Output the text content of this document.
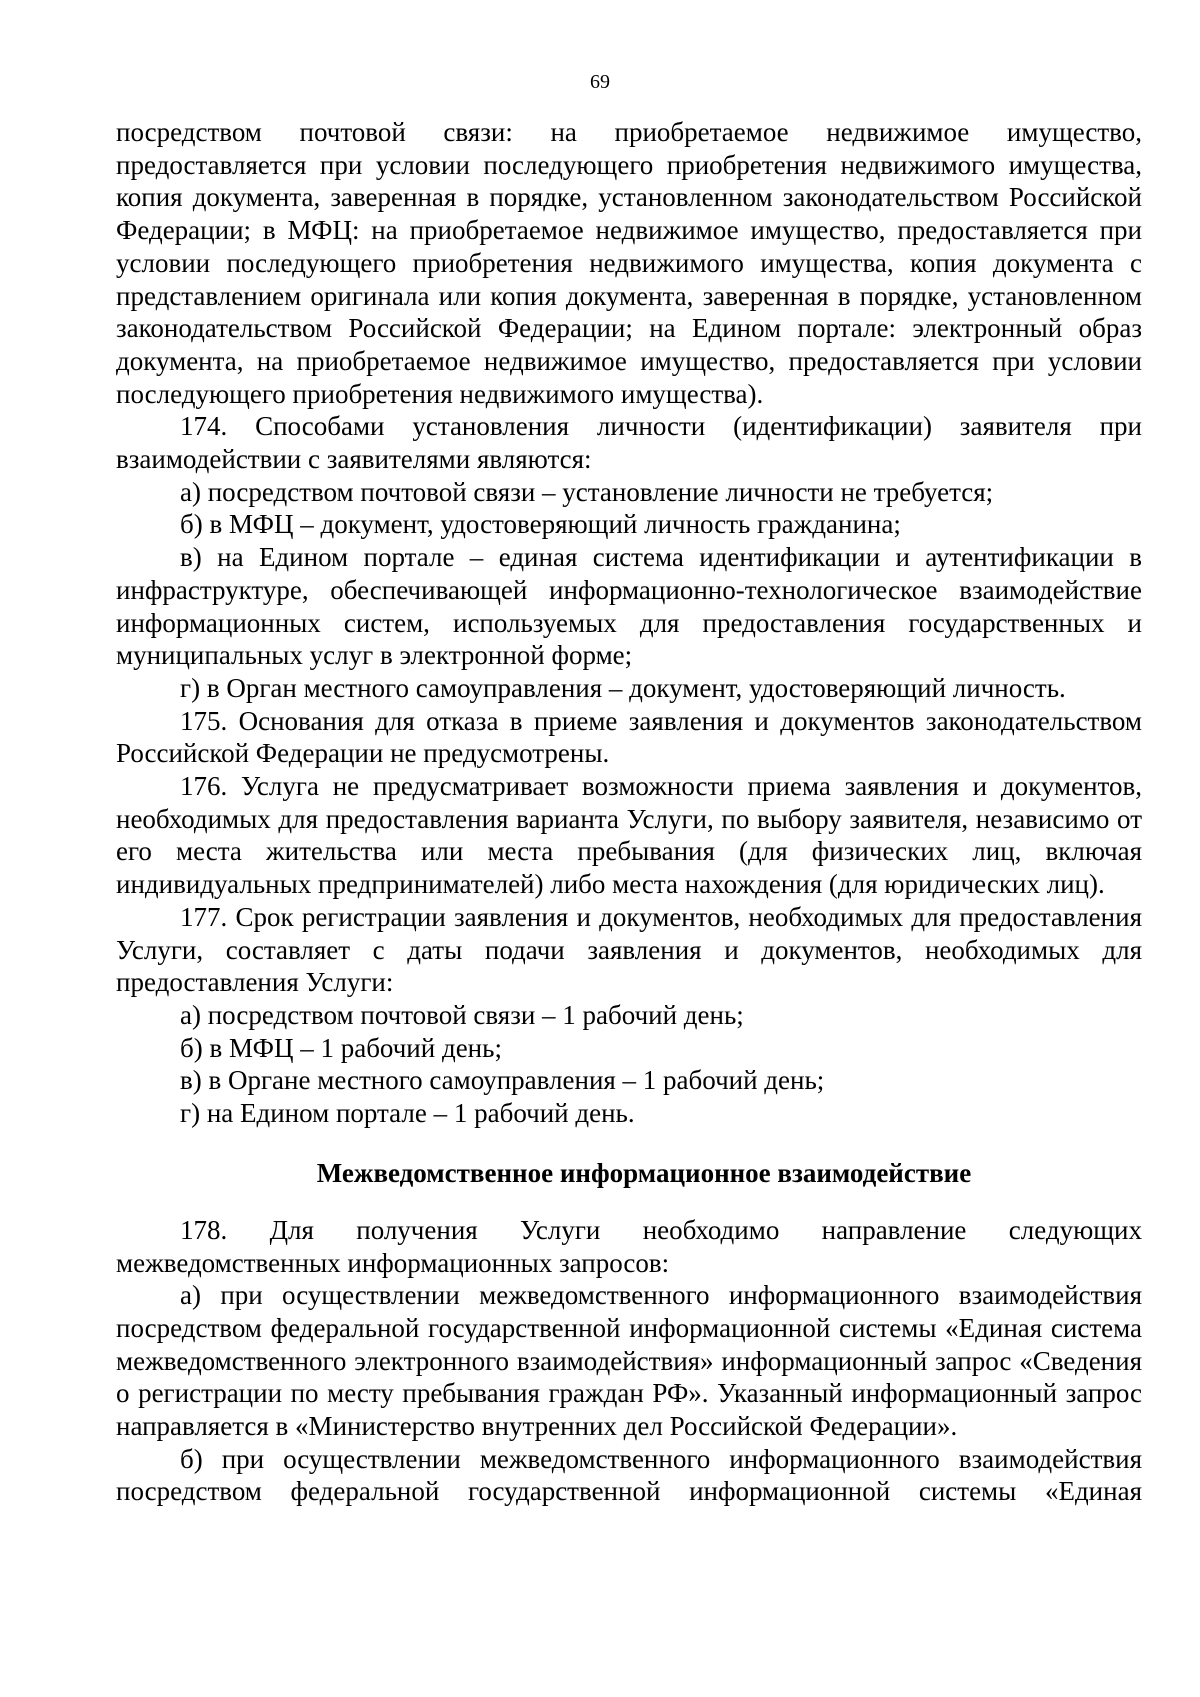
69

посредством почтовой связи: на приобретаемое недвижимое имущество, предоставляется при условии последующего приобретения недвижимого имущества, копия документа, заверенная в порядке, установленном законодательством Российской Федерации; в МФЦ: на приобретаемое недвижимое имущество, предоставляется при условии последующего приобретения недвижимого имущества, копия документа с представлением оригинала или копия документа, заверенная в порядке, установленном законодательством Российской Федерации; на Едином портале: электронный образ документа, на приобретаемое недвижимое имущество, предоставляется при условии последующего приобретения недвижимого имущества).

174. Способами установления личности (идентификации) заявителя при взаимодействии с заявителями являются:

а) посредством почтовой связи – установление личности не требуется;

б) в МФЦ – документ, удостоверяющий личность гражданина;

в) на Едином портале – единая система идентификации и аутентификации в инфраструктуре, обеспечивающей информационно-технологическое взаимодействие информационных систем, используемых для предоставления государственных и муниципальных услуг в электронной форме;

г) в Орган местного самоуправления – документ, удостоверяющий личность.

175. Основания для отказа в приеме заявления и документов законодательством Российской Федерации не предусмотрены.

176. Услуга не предусматривает возможности приема заявления и документов, необходимых для предоставления варианта Услуги, по выбору заявителя, независимо от его места жительства или места пребывания (для физических лиц, включая индивидуальных предпринимателей) либо места нахождения (для юридических лиц).

177. Срок регистрации заявления и документов, необходимых для предоставления Услуги, составляет с даты подачи заявления и документов, необходимых для предоставления Услуги:

а) посредством почтовой связи – 1 рабочий день;

б) в МФЦ – 1 рабочий день;

в) в Органе местного самоуправления – 1 рабочий день;

г) на Едином портале – 1 рабочий день.

Межведомственное информационное взаимодействие

178. Для получения Услуги необходимо направление следующих межведомственных информационных запросов:

а) при осуществлении межведомственного информационного взаимодействия посредством федеральной государственной информационной системы «Единая система межведомственного электронного взаимодействия» информационный запрос «Сведения о регистрации по месту пребывания граждан РФ». Указанный информационный запрос направляется в «Министерство внутренних дел Российской Федерации».

б) при осуществлении межведомственного информационного взаимодействия посредством федеральной государственной информационной системы «Единая
